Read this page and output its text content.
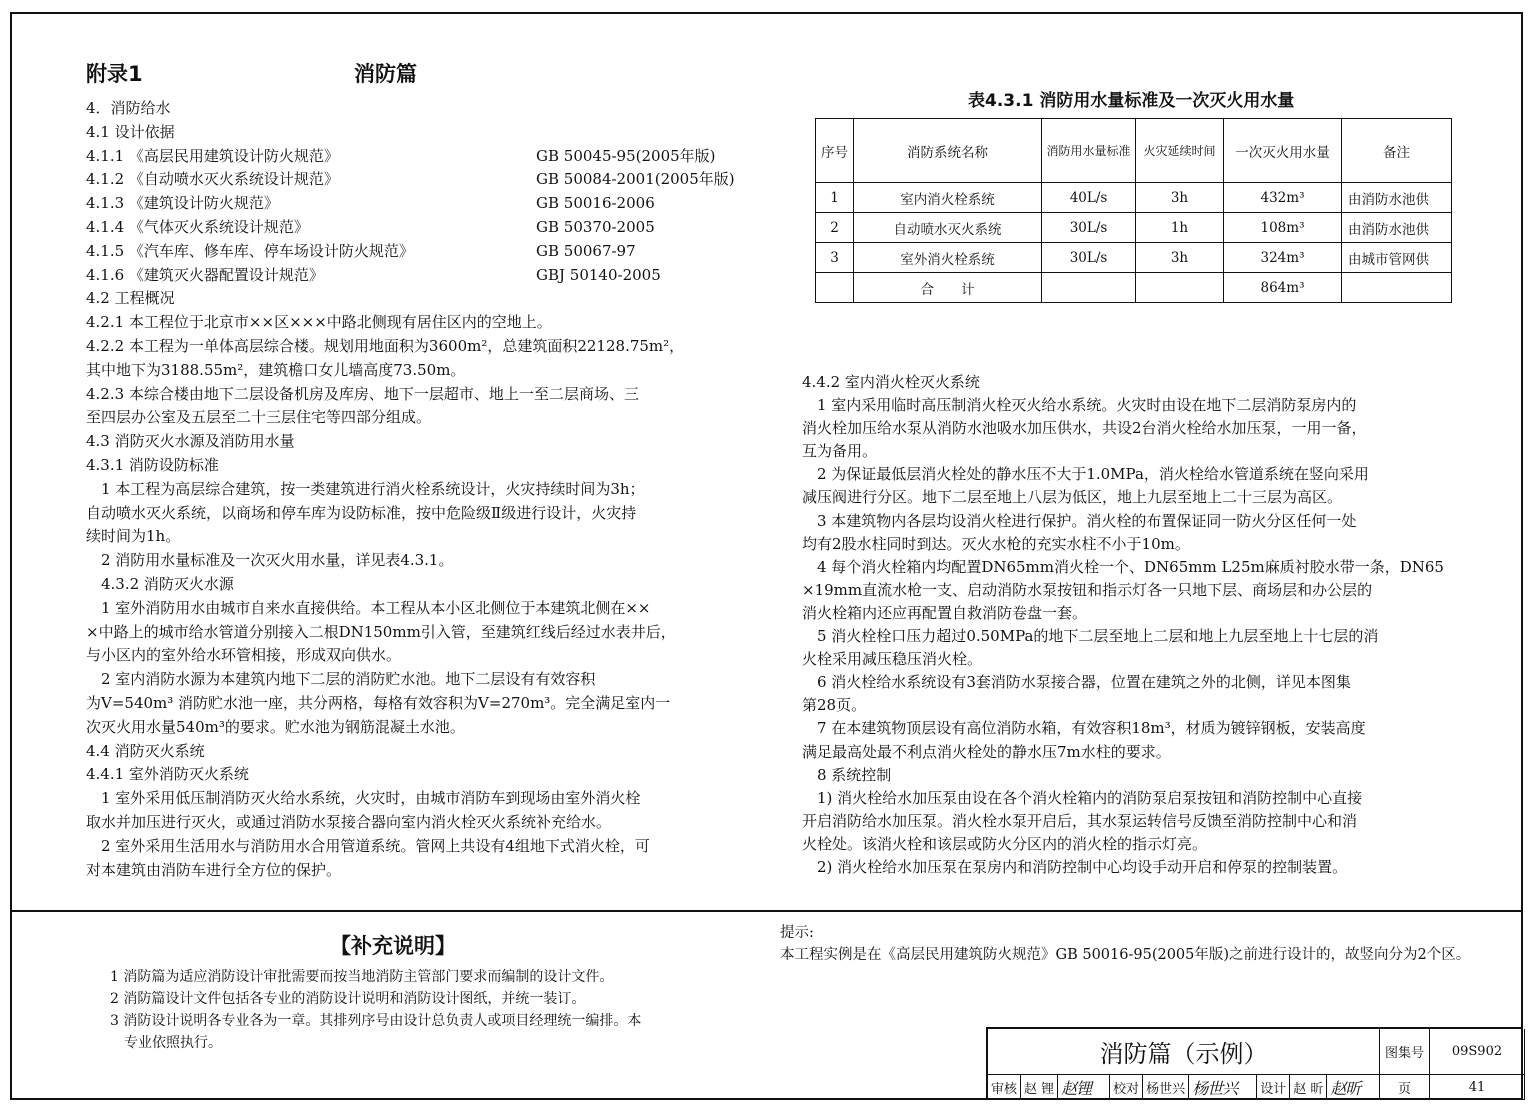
附录1	消防篇
4．消防给水
4.1 设计依据
4.1.1 《高层民用建筑设计防火规范》	GB 50045-95(2005年版)
4.1.2 《自动喷水灭火系统设计规范》	GB 50084-2001(2005年版)
4.1.3 《建筑设计防火规范》	GB 50016-2006
4.1.4 《气体灭火系统设计规范》	GB 50370-2005
4.1.5 《汽车库、修车库、停车场设计防火规范》	GB 50067-97
4.1.6 《建筑灭火器配置设计规范》	GBJ 50140-2005
4.2 工程概况
4.2.1 本工程位于北京市××区×××中路北侧现有居住区内的空地上。
4.2.2 本工程为一单体高层综合楼。规划用地面积为3600m²，总建筑面积22128.75m²，
其中地下为3188.55m²，建筑檐口女儿墙高度73.50m。
4.2.3 本综合楼由地下二层设备机房及库房、地下一层超市、地上一至二层商场、三
至四层办公室及五层至二十三层住宅等四部分组成。
4.3 消防灭火水源及消防用水量
4.3.1 消防设防标准
　1 本工程为高层综合建筑，按一类建筑进行消火栓系统设计，火灾持续时间为3h；
自动喷水灭火系统，以商场和停车库为设防标准，按中危险级Ⅱ级进行设计，火灾持
续时间为1h。
　2 消防用水量标准及一次灭火用水量，详见表4.3.1。
　4.3.2 消防灭火水源
　1 室外消防用水由城市自来水直接供给。本工程从本小区北侧位于本建筑北侧在××
×中路上的城市给水管道分别接入二根DN150mm引入管，至建筑红线后经过水表井后，
与小区内的室外给水环管相接，形成双向供水。
　2 室内消防水源为本建筑内地下二层的消防贮水池。地下二层设有有效容积
为V=540m³ 消防贮水池一座，共分两格，每格有效容积为V=270m³。完全满足室内一
次灭火用水量540m³的要求。贮水池为钢筋混凝土水池。
4.4 消防灭火系统
4.4.1 室外消防灭火系统
　1 室外采用低压制消防灭火给水系统，火灾时，由城市消防车到现场由室外消火栓
取水并加压进行灭火，或通过消防水泵接合器向室内消火栓灭火系统补充给水。
　2 室外采用生活用水与消防用水合用管道系统。管网上共设有4组地下式消火栓，可
对本建筑由消防车进行全方位的保护。
表4.3.1 消防用水量标准及一次灭火用水量
序号	消防系统名称	消防用水量标准	火灾延续时间	一次灭火用水量	备注
1	室内消火栓系统	40L/s	3h	432m³	由消防水池供
2	自动喷水灭火系统	30L/s	1h	108m³	由消防水池供
3	室外消火栓系统	30L/s	3h	324m³	由城市管网供
	合　　计			864m³	
4.4.2 室内消火栓灭火系统
　1 室内采用临时高压制消火栓灭火给水系统。火灾时由设在地下二层消防泵房内的
消火栓加压给水泵从消防水池吸水加压供水，共设2台消火栓给水加压泵，一用一备，
互为备用。
　2 为保证最低层消火栓处的静水压不大于1.0MPa，消火栓给水管道系统在竖向采用
减压阀进行分区。地下二层至地上八层为低区，地上九层至地上二十三层为高区。
　3 本建筑物内各层均设消火栓进行保护。消火栓的布置保证同一防火分区任何一处
均有2股水柱同时到达。灭火水枪的充实水柱不小于10m。
　4 每个消火栓箱内均配置DN65mm消火栓一个、DN65mm L25m麻质衬胶水带一条，DN65
×19mm直流水枪一支、启动消防水泵按钮和指示灯各一只地下层、商场层和办公层的
消火栓箱内还应再配置自救消防卷盘一套。
　5 消火栓栓口压力超过0.50MPa的地下二层至地上二层和地上九层至地上十七层的消
火栓采用减压稳压消火栓。
　6 消火栓给水系统设有3套消防水泵接合器，位置在建筑之外的北侧，详见本图集
第28页。
　7 在本建筑物顶层设有高位消防水箱，有效容积18m³，材质为镀锌钢板，安装高度
满足最高处最不利点消火栓处的静水压7m水柱的要求。
　8 系统控制
　1) 消火栓给水加压泵由设在各个消火栓箱内的消防泵启泵按钮和消防控制中心直接
开启消防给水加压泵。消火栓水泵开启后，其水泵运转信号反馈至消防控制中心和消
火栓处。该消火栓和该层或防火分区内的消火栓的指示灯亮。
　2) 消火栓给水加压泵在泵房内和消防控制中心均设手动开启和停泵的控制装置。
【补充说明】
1 消防篇为适应消防设计审批需要而按当地消防主管部门要求而编制的设计文件。
2 消防篇设计文件包括各专业的消防设计说明和消防设计图纸，并统一装订。
3 消防设计说明各专业各为一章。其排列序号由设计总负责人或项目经理统一编排。本
　专业依照执行。
提示:
本工程实例是在《高层民用建筑防火规范》GB 50016-95(2005年版)之前进行设计的，故竖向分为2个区。
消防篇（示例）	图集号	09S902
页	41
审核 赵 锂 赵锂	校对 杨世兴 杨世兴	设计 赵 昕 赵昕
